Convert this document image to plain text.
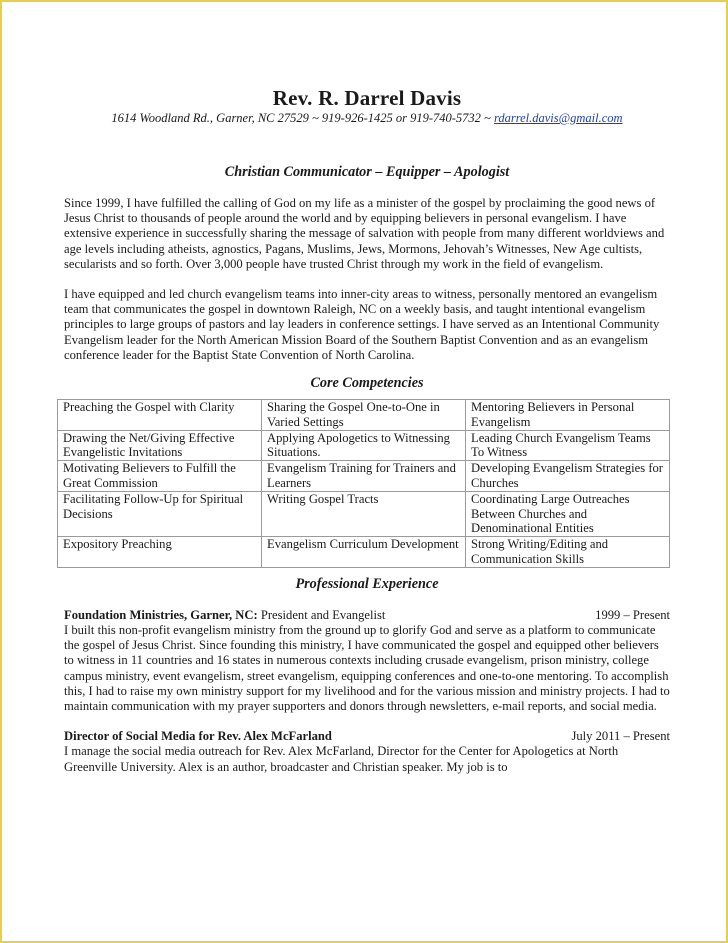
Rev. R. Darrel Davis
1614 Woodland Rd., Garner, NC 27529 ~ 919-926-1425 or 919-740-5732 ~ rdarrel.davis@gmail.com
Christian Communicator – Equipper – Apologist

Since 1999, I have fulfilled the calling of God on my life as a minister of the gospel by proclaiming the good news of Jesus Christ to thousands of people around the world and by equipping believers in personal evangelism. I have extensive experience in successfully sharing the message of salvation with people from many different worldviews and age levels including atheists, agnostics, Pagans, Muslims, Jews, Mormons, Jehovah’s Witnesses, New Age cultists, secularists and so forth. Over 3,000 people have trusted Christ through my work in the field of evangelism.

I have equipped and led church evangelism teams into inner-city areas to witness, personally mentored an evangelism team that communicates the gospel in downtown Raleigh, NC on a weekly basis, and taught intentional evangelism principles to large groups of pastors and lay leaders in conference settings. I have served as an Intentional Community Evangelism leader for the North American Mission Board of the Southern Baptist Convention and as an evangelism conference leader for the Baptist State Convention of North Carolina.

Core Competencies
Preaching the Gospel with Clarity	Sharing the Gospel One-to-One in Varied Settings	Mentoring Believers in Personal Evangelism
Drawing the Net/Giving Effective Evangelistic Invitations	Applying Apologetics to Witnessing Situations.	Leading Church Evangelism Teams To Witness
Motivating Believers to Fulfill the Great Commission	Evangelism Training for Trainers and Learners	Developing Evangelism Strategies for Churches
Facilitating Follow-Up for Spiritual Decisions	Writing Gospel Tracts	Coordinating Large Outreaches Between Churches and Denominational Entities
Expository Preaching	Evangelism Curriculum Development	Strong Writing/Editing and Communication Skills
Professional Experience
Foundation Ministries, Garner, NC: President and Evangelist	1999 – Present

I built this non-profit evangelism ministry from the ground up to glorify God and serve as a platform to communicate the gospel of Jesus Christ. Since founding this ministry, I have communicated the gospel and equipped other believers to witness in 11 countries and 16 states in numerous contexts including crusade evangelism, prison ministry, college campus ministry, event evangelism, street evangelism, equipping conferences and one-to-one mentoring. To accomplish this, I had to raise my own ministry support for my livelihood and for the various mission and ministry projects. I had to maintain communication with my prayer supporters and donors through newsletters, e-mail reports, and social media.

Director of Social Media for Rev. Alex McFarland	July 2011 – Present

I manage the social media outreach for Rev. Alex McFarland, Director for the Center for Apologetics at North Greenville University. Alex is an author, broadcaster and Christian speaker. My job is to
